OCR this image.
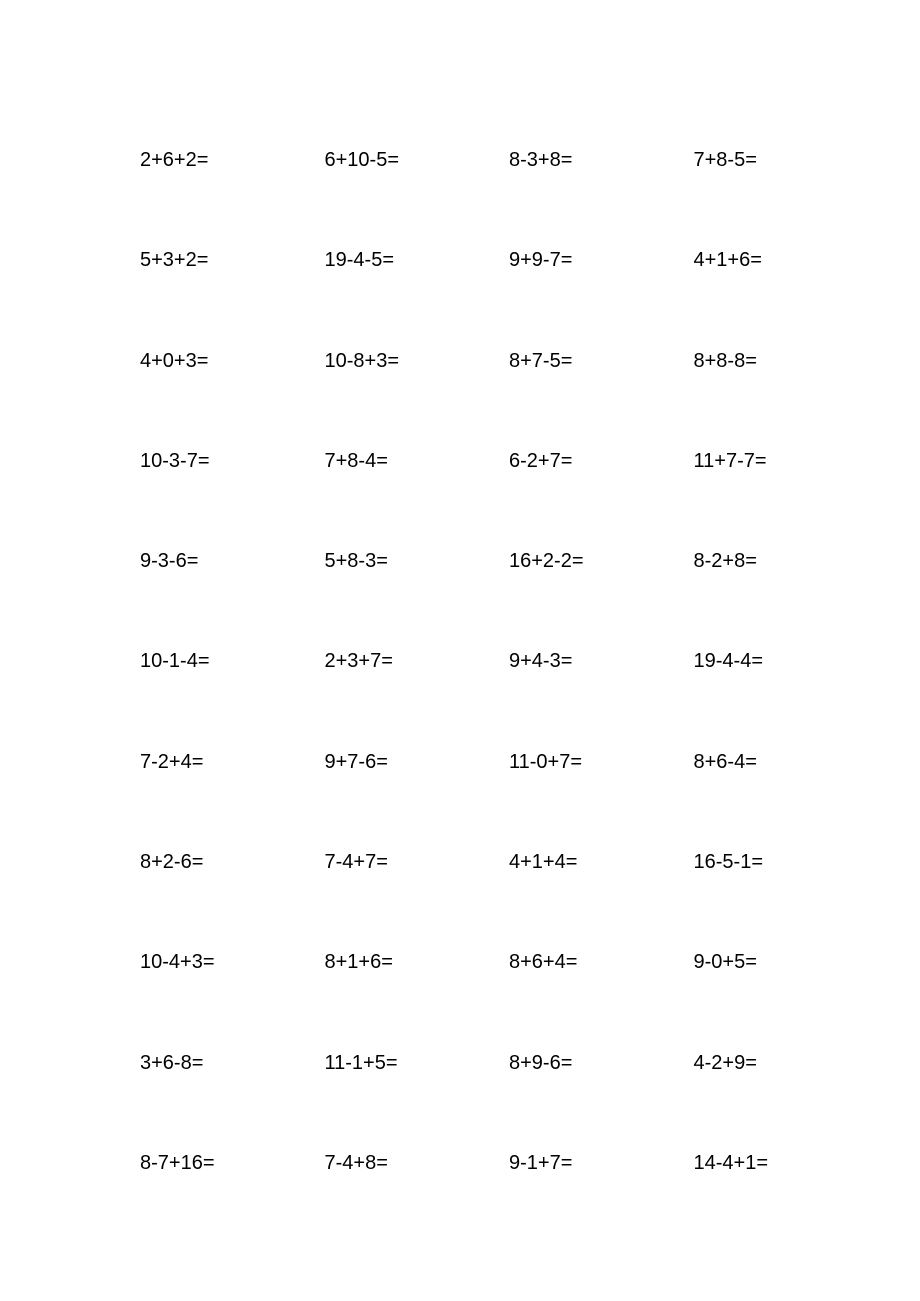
2+6+2=	6+10-5=	8-3+8=	7+8-5=
5+3+2=	19-4-5=	9+9-7=	4+1+6=
4+0+3=	10-8+3=	8+7-5=	8+8-8=
10-3-7=	7+8-4=	6-2+7=	11+7-7=
9-3-6=	5+8-3=	16+2-2=	8-2+8=
10-1-4=	2+3+7=	9+4-3=	19-4-4=
7-2+4=	9+7-6=	11-0+7=	8+6-4=
8+2-6=	7-4+7=	4+1+4=	16-5-1=
10-4+3=	8+1+6=	8+6+4=	9-0+5=
3+6-8=	11-1+5=	8+9-6=	4-2+9=
8-7+16=	7-4+8=	9-1+7=	14-4+1=
